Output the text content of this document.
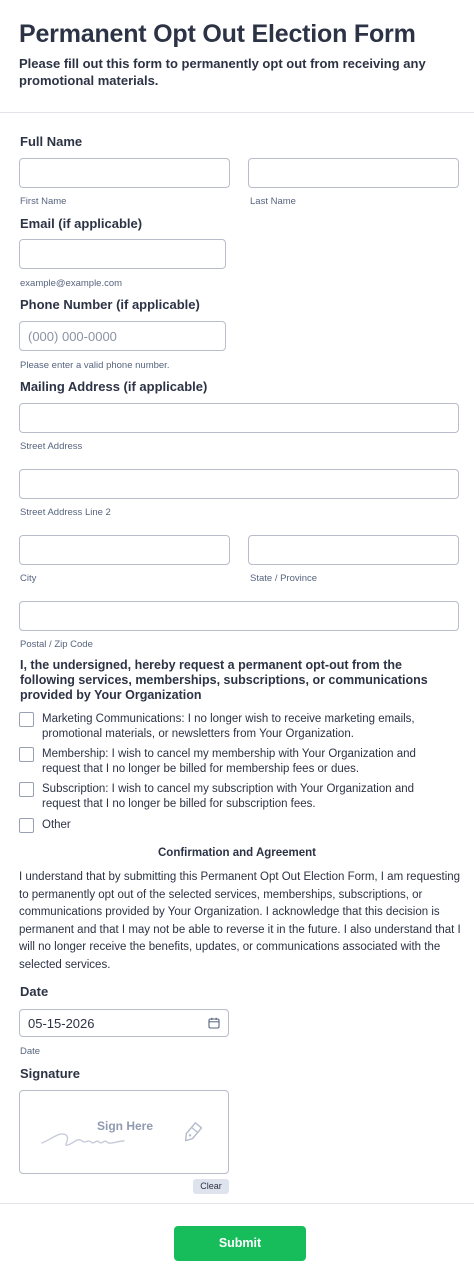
Permanent Opt Out Election Form
Please fill out this form to permanently opt out from receiving any promotional materials.
Full Name
First Name	Last Name
Email (if applicable)
example@example.com
Phone Number (if applicable)
(000) 000-0000
Please enter a valid phone number.
Mailing Address (if applicable)
Street Address
Street Address Line 2
City	State / Province
Postal / Zip Code
I, the undersigned, hereby request a permanent opt-out from the following services, memberships, subscriptions, or communications provided by Your Organization
Marketing Communications: I no longer wish to receive marketing emails, promotional materials, or newsletters from Your Organization.
Membership: I wish to cancel my membership with Your Organization and request that I no longer be billed for membership fees or dues.
Subscription: I wish to cancel my subscription with Your Organization and request that I no longer be billed for subscription fees.
Other
Confirmation and Agreement
I understand that by submitting this Permanent Opt Out Election Form, I am requesting to permanently opt out of the selected services, memberships, subscriptions, or communications provided by Your Organization. I acknowledge that this decision is permanent and that I may not be able to reverse it in the future. I also understand that I will no longer receive the benefits, updates, or communications associated with the selected services.
Date
05-15-2026
Date
Signature
Sign Here
Clear
Submit
